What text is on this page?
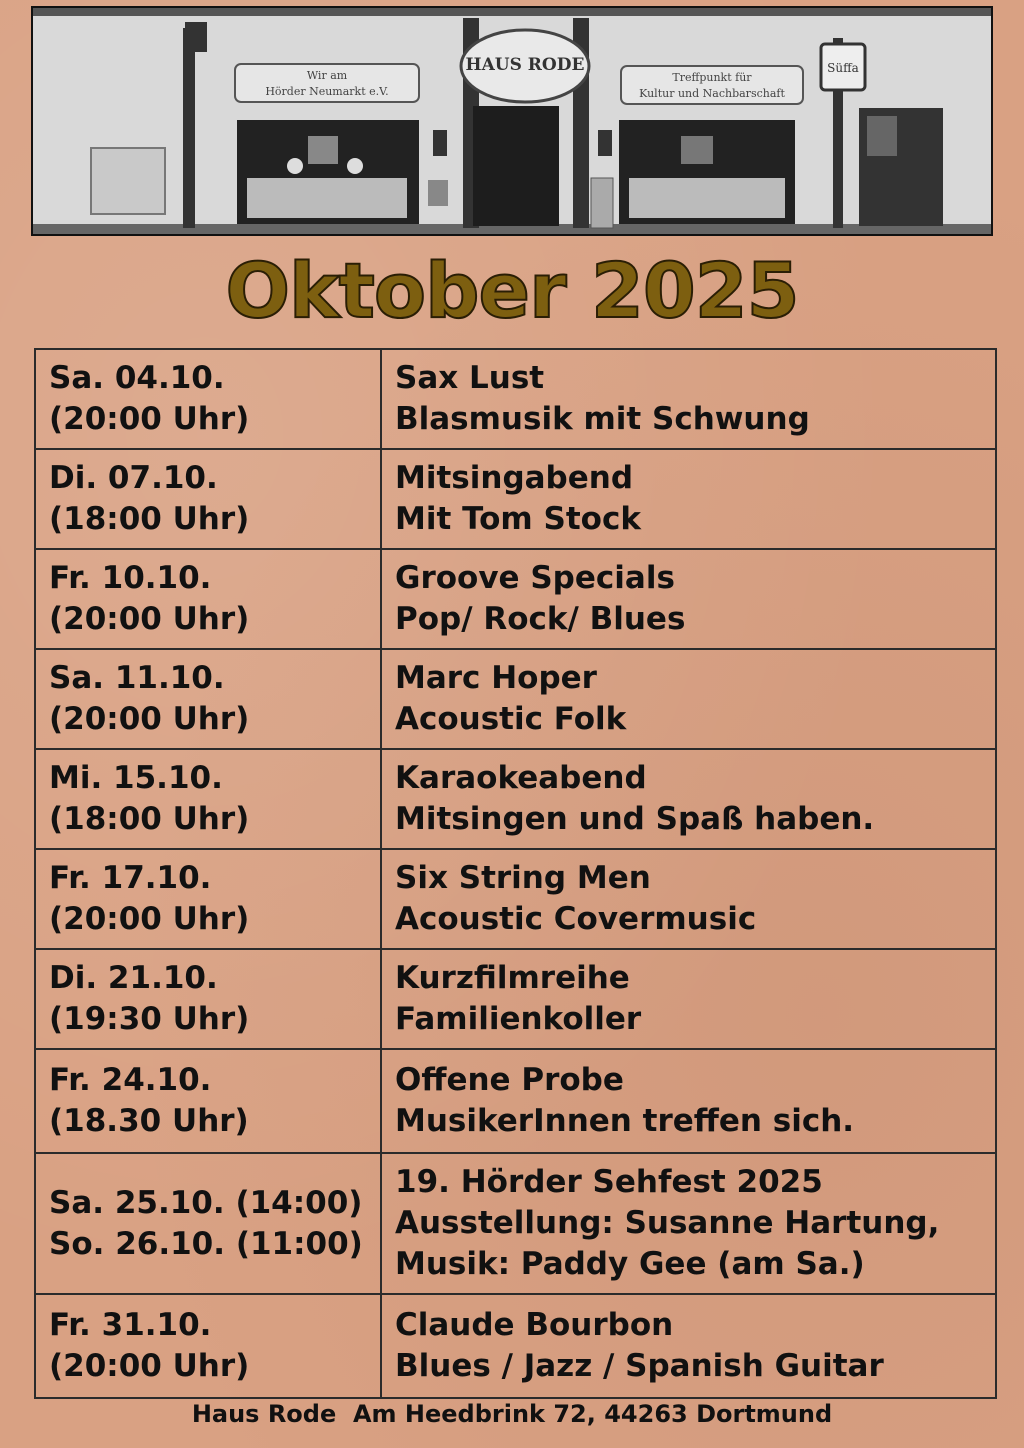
Wir am
Hörder Neumarkt e.V.
HAUS RODE
Treffpunkt für
Kultur und Nachbarschaft
Süffa
Oktober 2025
Sa. 04.10.
(20:00 Uhr)	Sax Lust
Blasmusik mit Schwung

Di. 07.10.
(18:00 Uhr)	Mitsingabend
Mit Tom Stock

Fr. 10.10.
(20:00 Uhr)	Groove Specials
Pop/ Rock/ Blues

Sa. 11.10.
(20:00 Uhr)	Marc Hoper
Acoustic Folk

Mi. 15.10.
(18:00 Uhr)	Karaokeabend
Mitsingen und Spaß haben.

Fr. 17.10.
(20:00 Uhr)	Six String Men
Acoustic Covermusic

Di. 21.10.
(19:30 Uhr)	Kurzfilmreihe
Familienkoller

Fr. 24.10.
(18.30 Uhr)	Offene Probe
MusikerInnen treffen sich.

Sa. 25.10. (14:00)
So. 26.10. (11:00)	19. Hörder Sehfest 2025
Ausstellung: Susanne Hartung,
Musik: Paddy Gee (am Sa.)

Fr. 31.10.
(20:00 Uhr)	Claude Bourbon
Blues / Jazz / Spanish Guitar
Haus Rode  Am Heedbrink 72, 44263 Dortmund
